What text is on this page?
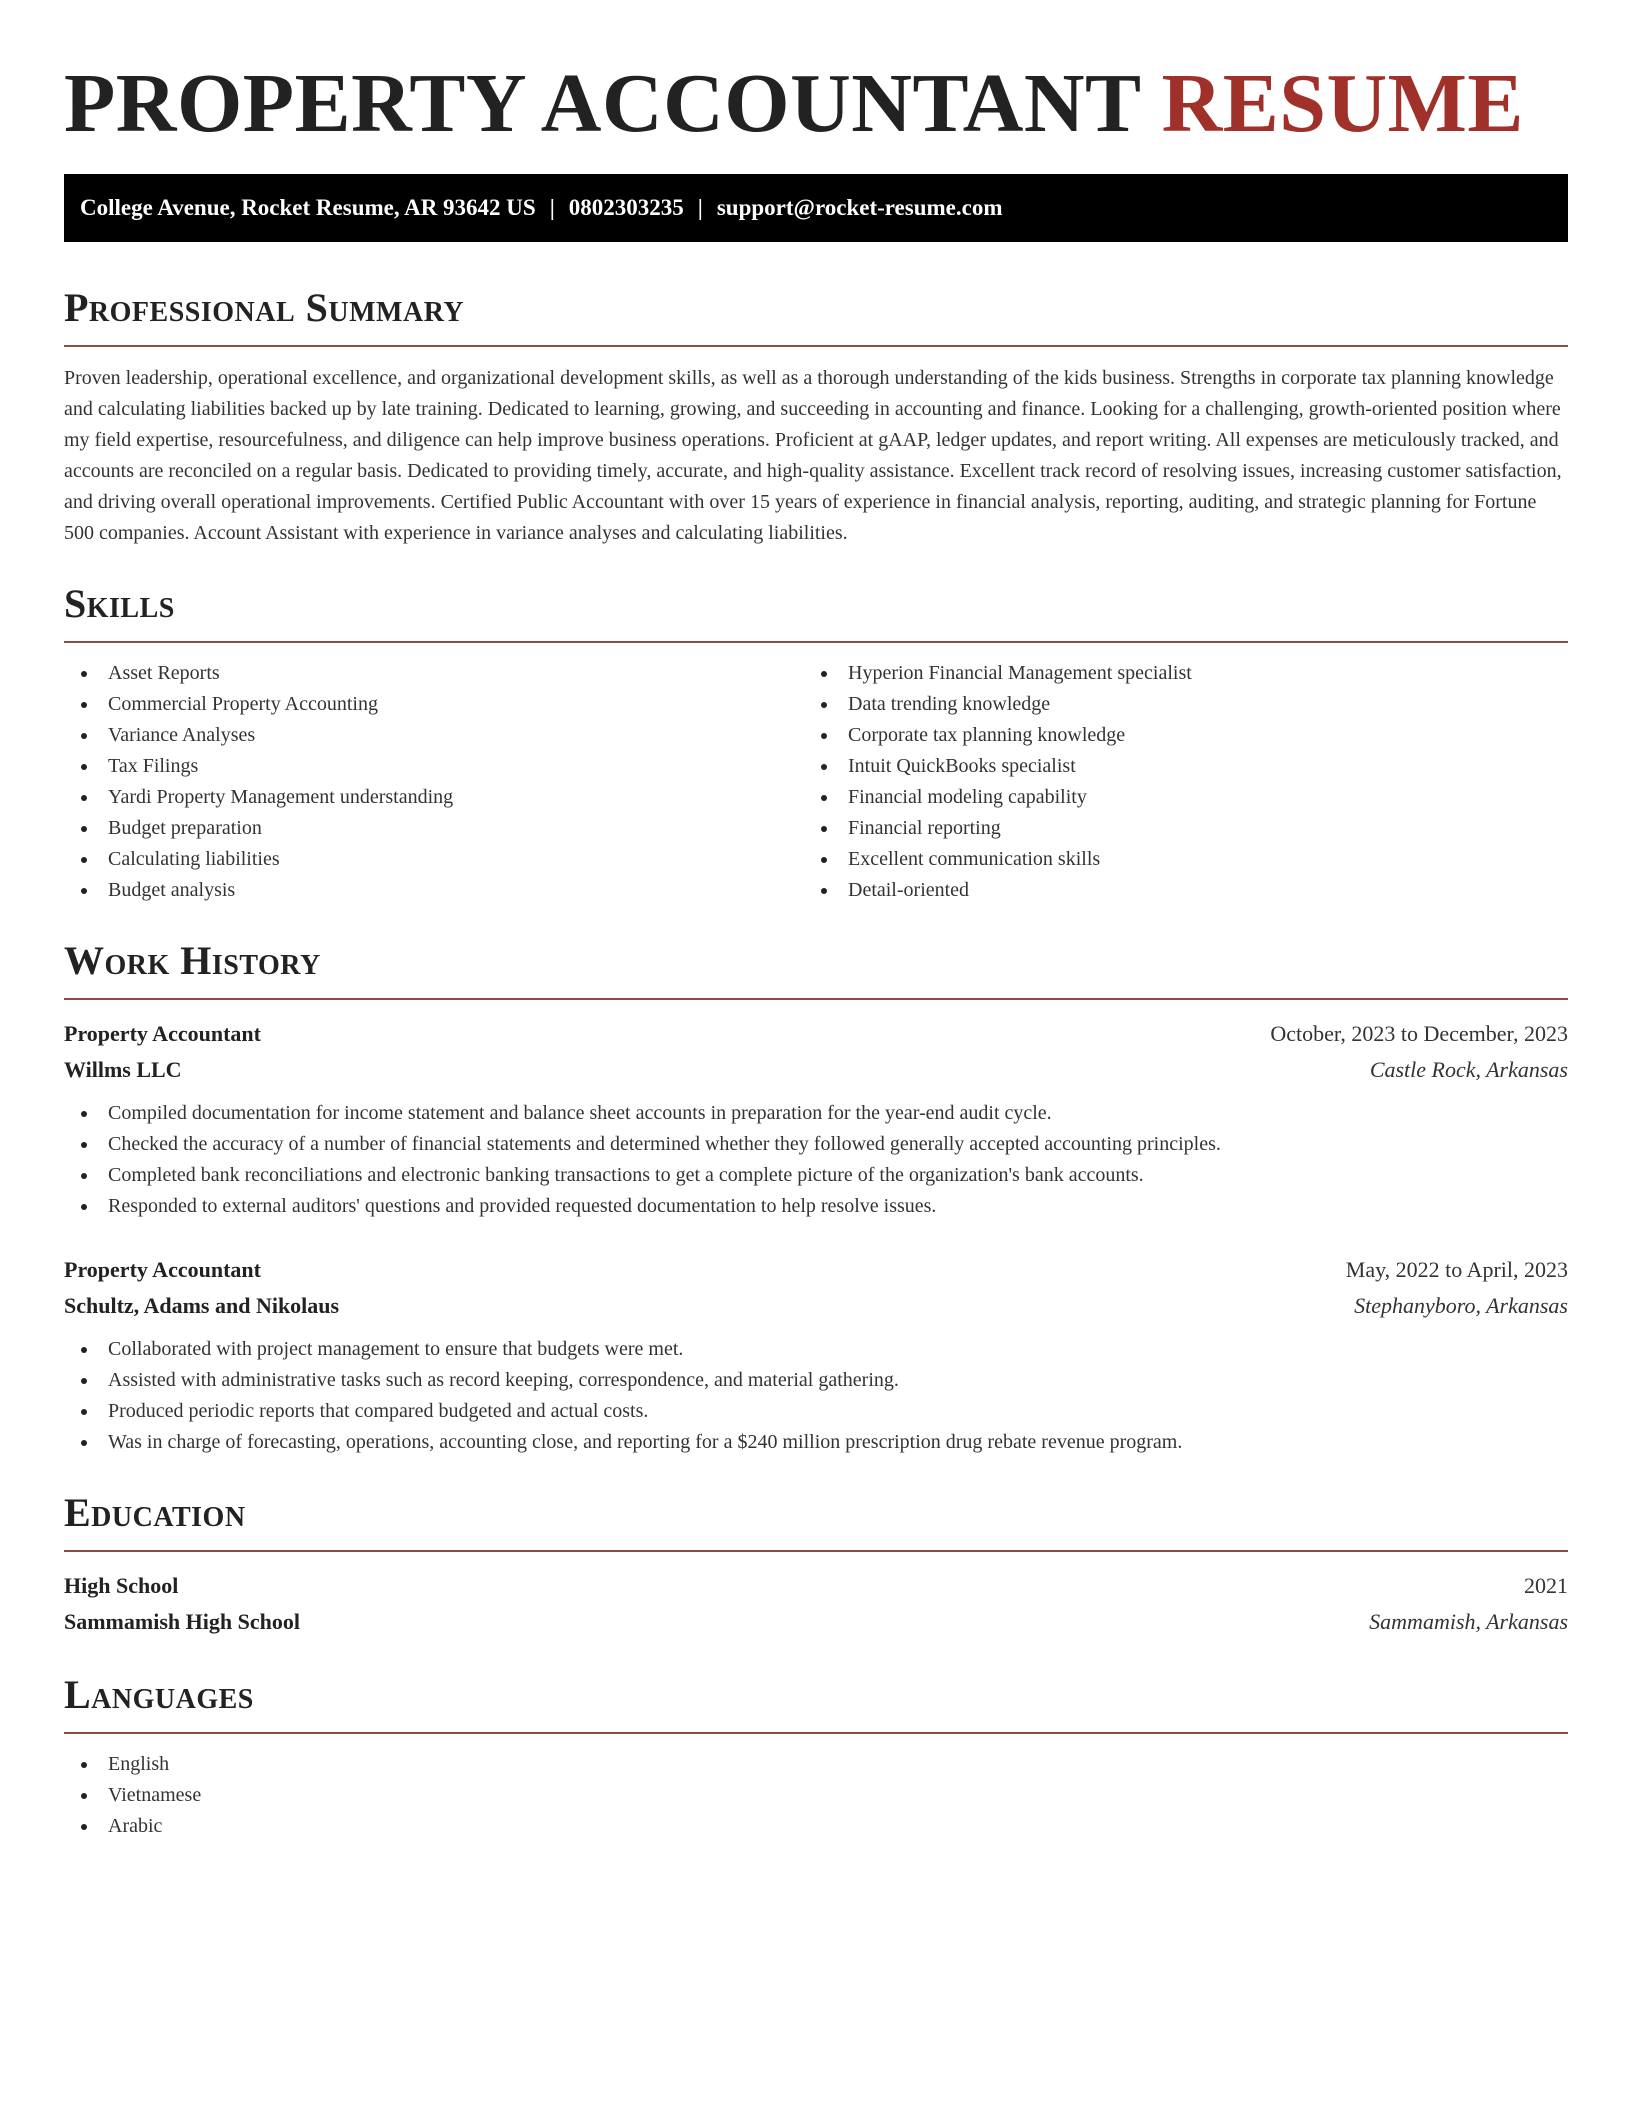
PROPERTY ACCOUNTANT RESUME
College Avenue, Rocket Resume, AR 93642 US | 0802303235 | support@rocket-resume.com
Professional Summary

Proven leadership, operational excellence, and organizational development skills, as well as a thorough understanding of the kids business. Strengths in corporate tax planning knowledge and calculating liabilities backed up by late training. Dedicated to learning, growing, and succeeding in accounting and finance. Looking for a challenging, growth-oriented position where my field expertise, resourcefulness, and diligence can help improve business operations. Proficient at gAAP, ledger updates, and report writing. All expenses are meticulously tracked, and accounts are reconciled on a regular basis. Dedicated to providing timely, accurate, and high-quality assistance. Excellent track record of resolving issues, increasing customer satisfaction, and driving overall operational improvements. Certified Public Accountant with over 15 years of experience in financial analysis, reporting, auditing, and strategic planning for Fortune 500 companies. Account Assistant with experience in variance analyses and calculating liabilities.

Skills
Asset Reports
Commercial Property Accounting
Variance Analyses
Tax Filings
Yardi Property Management understanding
Budget preparation
Calculating liabilities
Budget analysis
Hyperion Financial Management specialist
Data trending knowledge
Corporate tax planning knowledge
Intuit QuickBooks specialist
Financial modeling capability
Financial reporting
Excellent communication skills
Detail-oriented
Work History
Property Accountant	October, 2023 to December, 2023
Willms LLC	Castle Rock, Arkansas
Compiled documentation for income statement and balance sheet accounts in preparation for the year-end audit cycle.
Checked the accuracy of a number of financial statements and determined whether they followed generally accepted accounting principles.
Completed bank reconciliations and electronic banking transactions to get a complete picture of the organization's bank accounts.
Responded to external auditors' questions and provided requested documentation to help resolve issues.
Property Accountant	May, 2022 to April, 2023
Schultz, Adams and Nikolaus	Stephanyboro, Arkansas
Collaborated with project management to ensure that budgets were met.
Assisted with administrative tasks such as record keeping, correspondence, and material gathering.
Produced periodic reports that compared budgeted and actual costs.
Was in charge of forecasting, operations, accounting close, and reporting for a $240 million prescription drug rebate revenue program.
Education
High School	2021
Sammamish High School	Sammamish, Arkansas
Languages
English
Vietnamese
Arabic
